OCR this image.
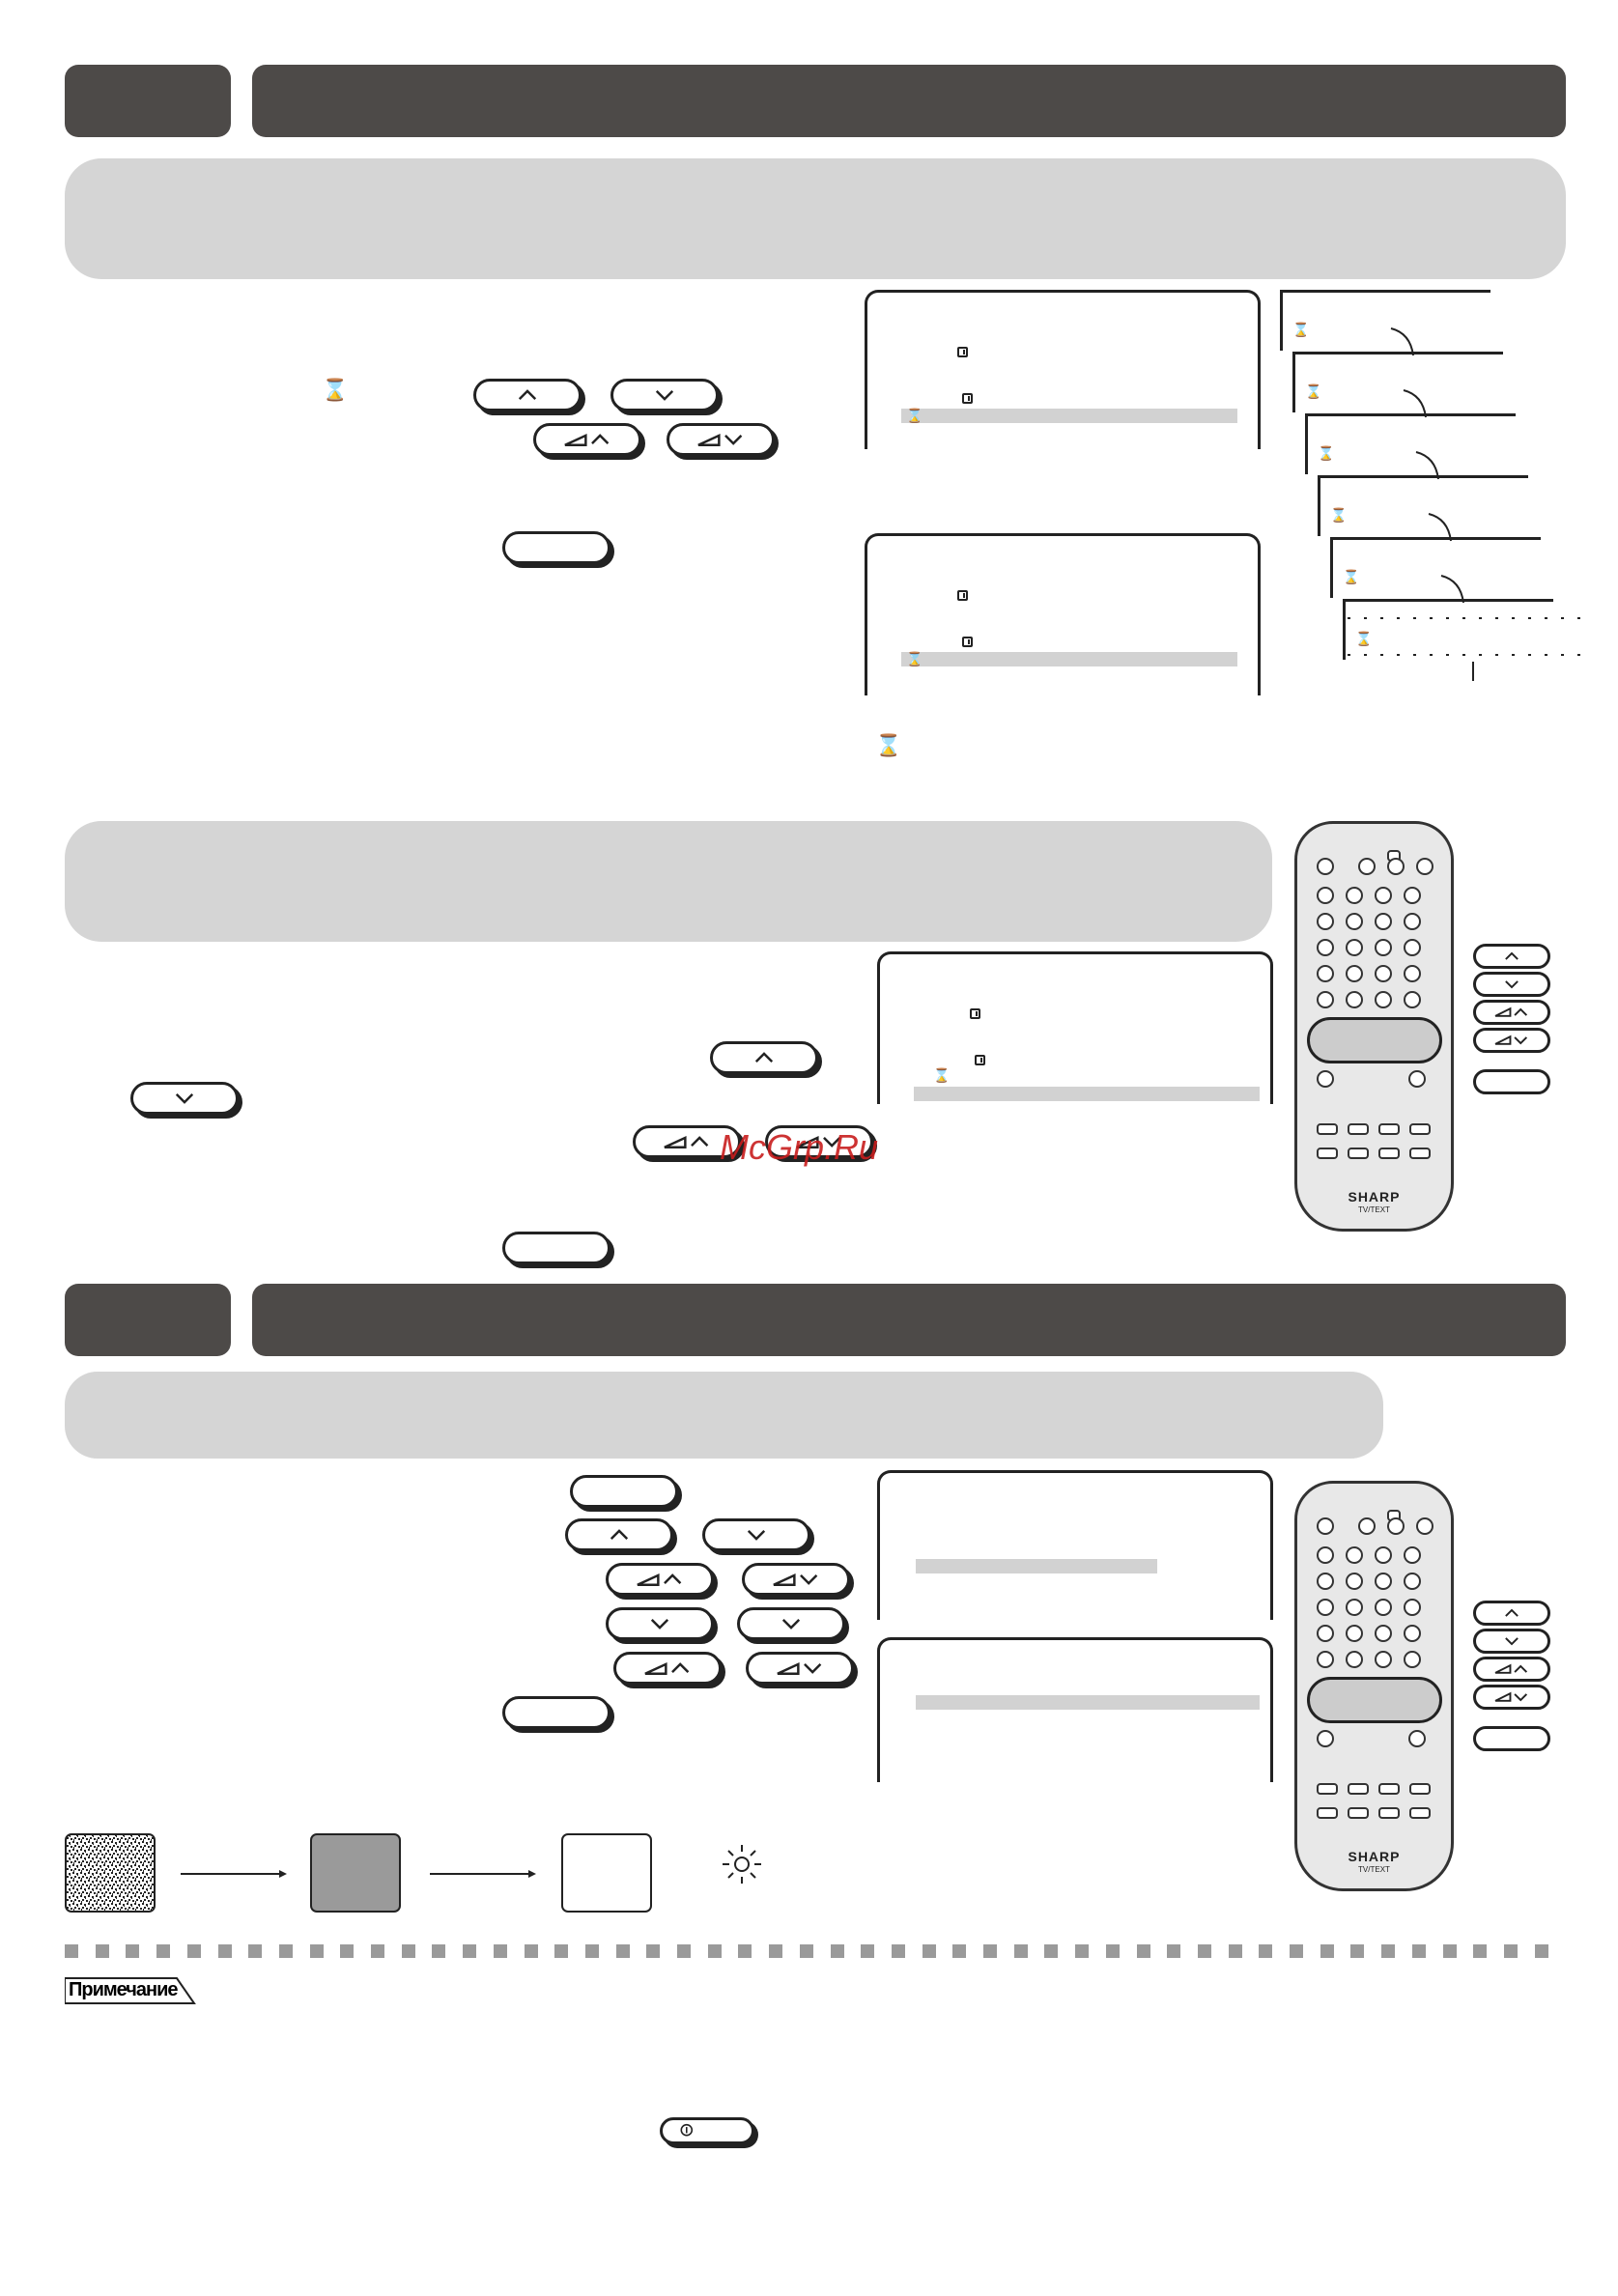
⌛
⌛
⌛
⌛
⌛
⌛
⌛
⌛
⌛
⌛
⌛
McGrp.Ru
SHARP
TV/TEXT
SHARP
TV/TEXT
Примечание
